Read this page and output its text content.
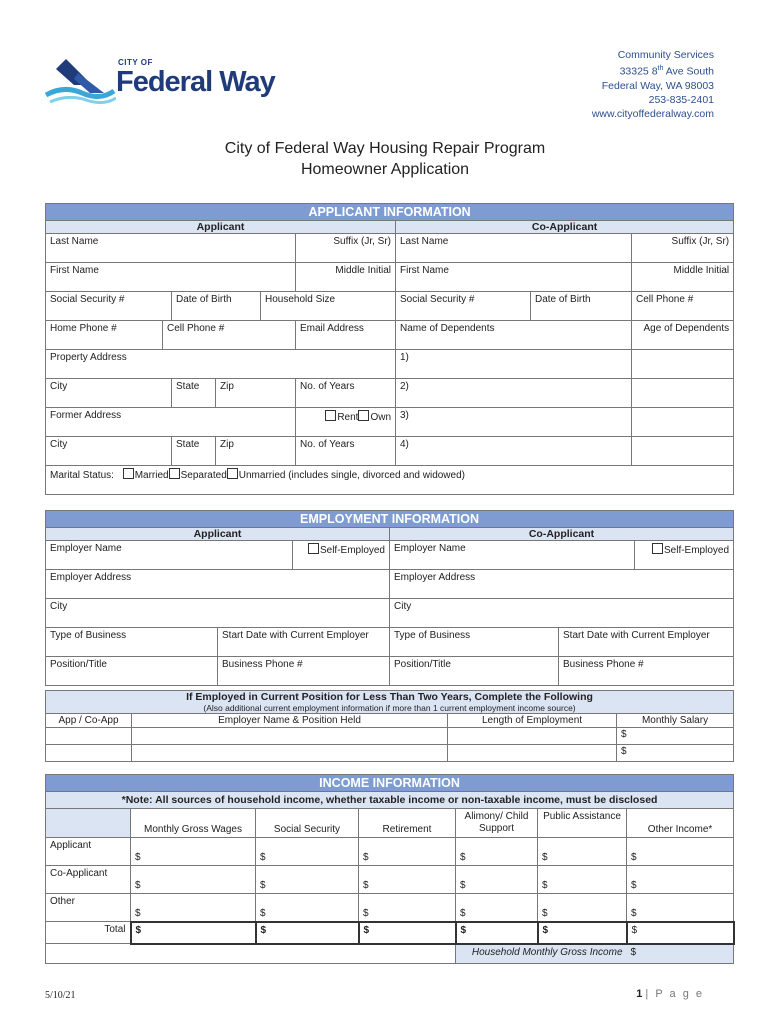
CITY OF
Federal Way
Community Services
33325 8th Ave South
Federal Way, WA 98003
253-835-2401
www.cityoffederalway.com
City of Federal Way Housing Repair Program
Homeowner Application
APPLICANT INFORMATION								
Applicant						Co-Applicant		
Last Name					Suffix (Jr, Sr)	Last Name		Suffix (Jr, Sr)
First Name					Middle Initial	First Name		Middle Initial
Social Security #		Date of Birth		Household Size		Social Security #	Date of Birth	Cell Phone #
Home Phone #	Cell Phone #				Email Address	Name of Dependents		Age of Dependents
Property Address						1)		
City		State	Zip		No. of Years	2)		
Former Address					Rent Own	3)		
City		State	Zip		No. of Years	4)		
Marital Status: Married Separated Unmarried (includes single, divorced and widowed)								
EMPLOYMENT INFORMATION					
Applicant			Co-Applicant		
Employer Name		Self-Employed	Employer Name		Self-Employed
Employer Address			Employer Address		
City			City		
Type of Business	Start Date with Current Employer		Type of Business	Start Date with Current Employer	
Position/Title	Business Phone #		Position/Title	Business Phone #	
If Employed in Current Position for Less Than Two Years, Complete the Following
(Also additional current employment information if more than 1 current employment income source)			

App / Co-App	Employer Name & Position Held	Length of Employment	Monthly Salary
			$
			$
INCOME INFORMATION						
*Note: All sources of household income, whether taxable income or non-taxable income, must be disclosed						
	Monthly Gross Wages	Social Security	Retirement	Alimony/ Child Support	Public Assistance	Other Income*
Applicant	$	$	$	$	$	$
Co-Applicant	$	$	$	$	$	$
Other	$	$	$	$	$	$
Total	$	$	$	$	$	$
				Household Monthly Gross Income		$
5/10/21	1 | P a g e
